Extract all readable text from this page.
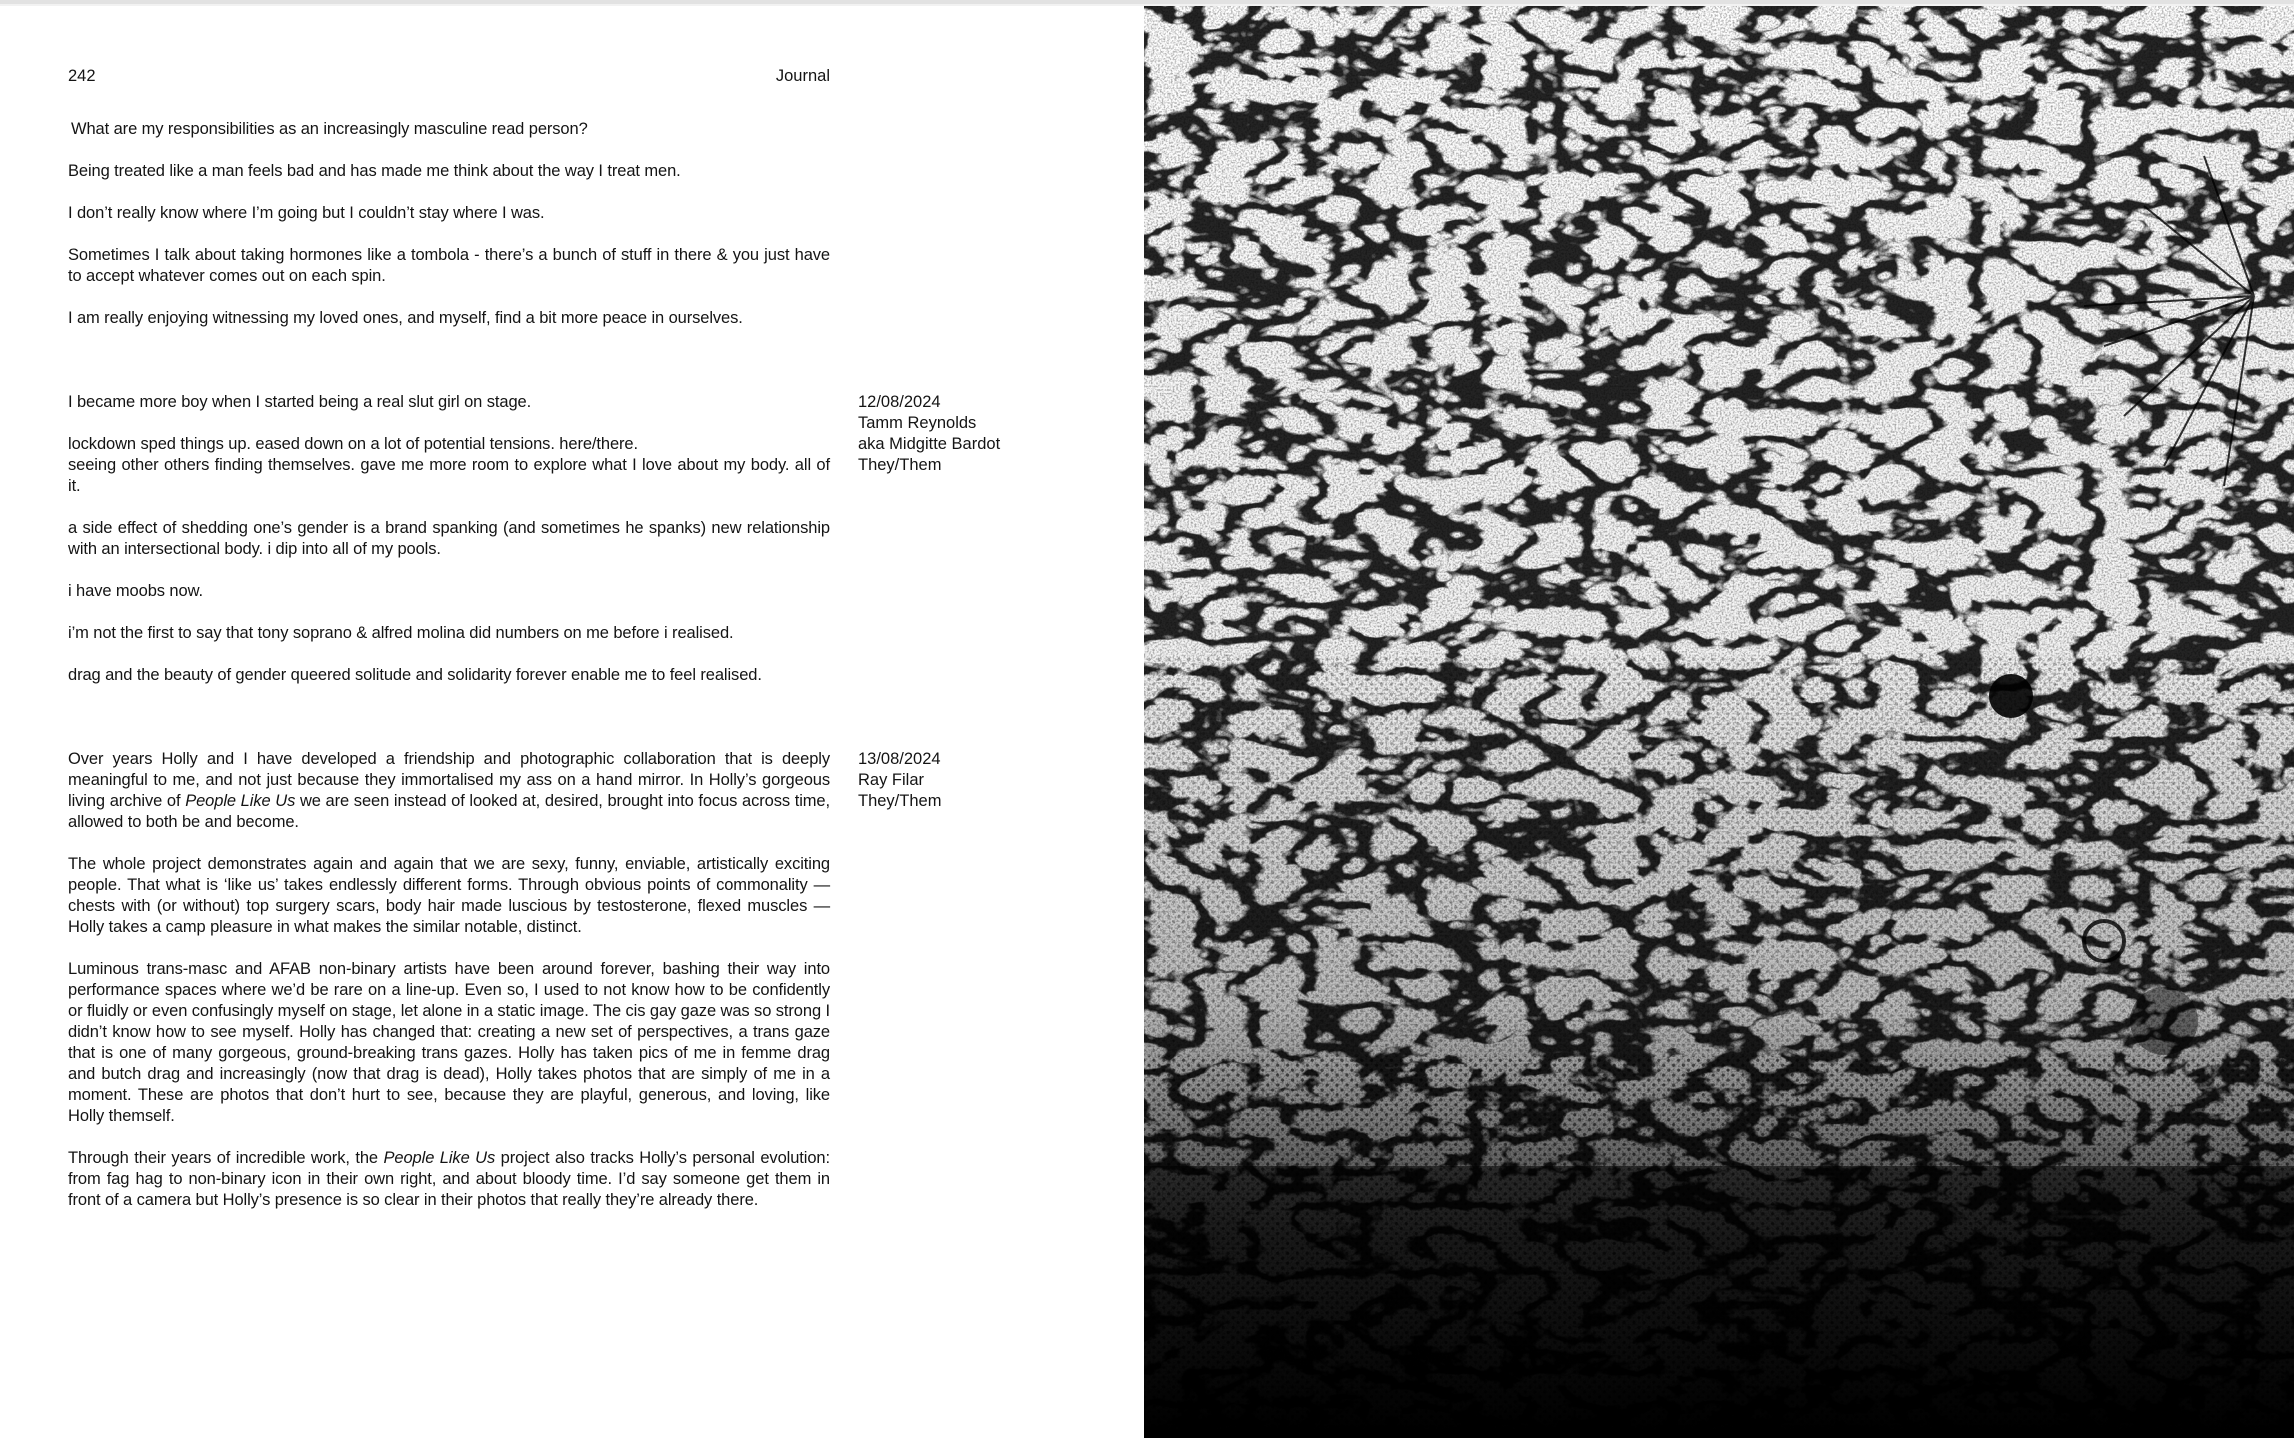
242	Journal

What are my responsibilities as an increasingly masculine read person?

Being treated like a man feels bad and has made me think about the way I treat men.

I don’t really know where I’m going but I couldn’t stay where I was.

Sometimes I talk about taking hormones like a tombola - there’s a bunch of stuff in there & you just have to accept whatever comes out on each spin.

I am really enjoying witnessing my loved ones, and myself, find a bit more peace in ourselves.

I became more boy when I started being a real slut girl on stage.

lockdown sped things up. eased down on a lot of potential tensions. here/there.
seeing other others finding themselves. gave me more room to explore what I love about my body. all of it.

a side effect of shedding one’s gender is a brand spanking (and sometimes he spanks) new relationship with an intersectional body. i dip into all of my pools.

i have moobs now.

i’m not the first to say that tony soprano & alfred molina did numbers on me before i realised.

drag and the beauty of gender queered solitude and solidarity forever enable me to feel realised.

12/08/2024
Tamm Reynolds
aka Midgitte Bardot
They/Them

Over years Holly and I have developed a friendship and photographic collaboration that is deeply meaningful to me, and not just because they immortalised my ass on a hand mirror. In Holly’s gorgeous living archive of People Like Us we are seen instead of looked at, desired, brought into focus across time, allowed to both be and become.

The whole project demonstrates again and again that we are sexy, funny, enviable, artistically exciting people. That what is ‘like us’ takes endlessly different forms. Through obvious points of commonality — chests with (or without) top surgery scars, body hair made luscious by testosterone, flexed muscles — Holly takes a camp pleasure in what makes the similar notable, distinct.

Luminous trans-masc and AFAB non-binary artists have been around forever, bashing their way into performance spaces where we’d be rare on a line-up. Even so, I used to not know how to be confidently or fluidly or even confusingly myself on stage, let alone in a static image. The cis gay gaze was so strong I didn’t know how to see myself. Holly has changed that: creating a new set of perspectives, a trans gaze that is one of many gorgeous, ground-breaking trans gazes. Holly has taken pics of me in femme drag and butch drag and increasingly (now that drag is dead), Holly takes photos that are simply of me in a moment. These are photos that don’t hurt to see, because they are playful, generous, and loving, like Holly themself.

Through their years of incredible work, the People Like Us project also tracks Holly’s personal evolution: from fag hag to non-binary icon in their own right, and about bloody time. I’d say someone get them in front of a camera but Holly’s presence is so clear in their photos that really they’re already there.

13/08/2024
Ray Filar
They/Them
